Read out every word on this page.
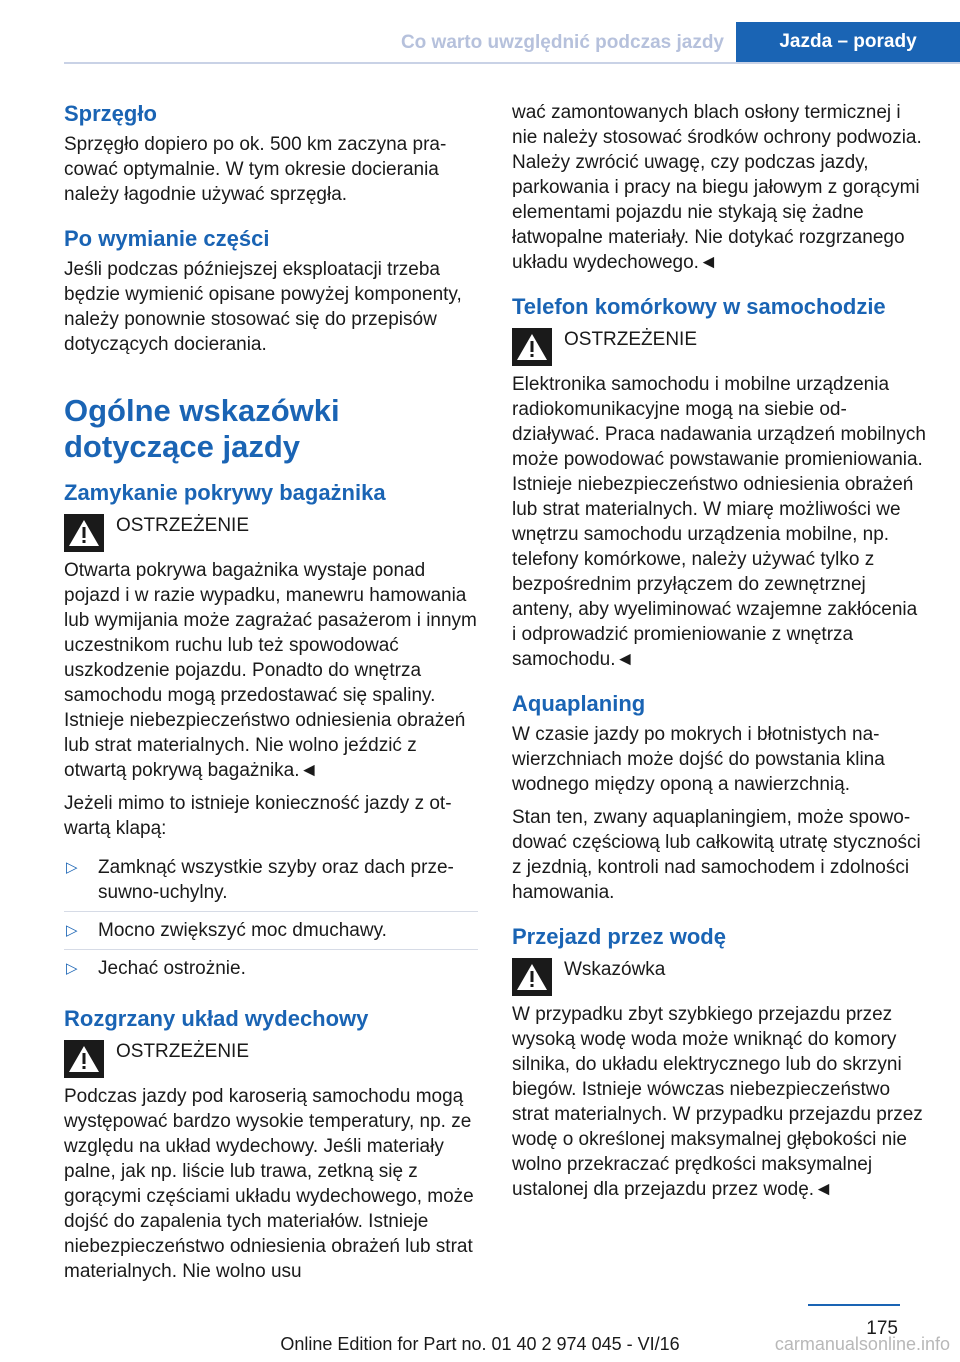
Co warto uwzględnić podczas jazdy	Jazda – porady
Sprzęgło

Sprzęgło dopiero po ok. 500 km zaczyna pracować optymalnie. W tym okresie docierania należy łagodnie używać sprzęgła.

Po wymianie części

Jeśli podczas późniejszej eksploatacji trzeba będzie wymienić opisane powyżej komponenty, należy ponownie stosować się do przepisów dotyczących docierania.

Ogólne wskazówki dotyczące jazdy
Zamykanie pokrywy bagażnika
OSTRZEŻENIE

Otwarta pokrywa bagażnika wystaje ponad pojazd i w razie wypadku, manewru hamowania lub wymijania może zagrażać pasażerom i innym uczestnikom ruchu lub też spowodować uszkodzenie pojazdu. Ponadto do wnętrza samochodu mogą przedostawać się spaliny. Istnieje niebezpieczeństwo odniesienia obrażeń lub strat materialnych. Nie wolno jeździć z otwartą pokrywą bagażnika.◄

Jeżeli mimo to istnieje konieczność jazdy z otwartą klapą:

▷ Zamknąć wszystkie szyby oraz dach przesuwno-uchylny.
▷ Mocno zwiększyć moc dmuchawy.
▷ Jechać ostrożnie.
Rozgrzany układ wydechowy
OSTRZEŻENIE

Podczas jazdy pod karoserią samochodu mogą występować bardzo wysokie temperatury, np. ze względu na układ wydechowy. Jeśli materiały palne, jak np. liście lub trawa, zetkną się z gorącymi częściami układu wydechowego, może dojść do zapalenia tych materiałów. Istnieje niebezpieczeństwo odniesienia obrażeń lub strat materialnych. Nie wolno usu

wać zamontowanych blach osłony termicznej i nie należy stosować środków ochrony podwozia. Należy zwrócić uwagę, czy podczas jazdy, parkowania i pracy na biegu jałowym z gorącymi elementami pojazdu nie stykają się żadne łatwopalne materiały. Nie dotykać rozgrzanego układu wydechowego.◄

Telefon komórkowy w samochodzie
OSTRZEŻENIE

Elektronika samochodu i mobilne urządzenia radiokomunikacyjne mogą na siebie oddziaływać. Praca nadawania urządzeń mobilnych może powodować powstawanie promieniowania. Istnieje niebezpieczeństwo odniesienia obrażeń lub strat materialnych. W miarę możliwości we wnętrzu samochodu urządzenia mobilne, np. telefony komórkowe, należy używać tylko z bezpośrednim przyłączem do zewnętrznej anteny, aby wyeliminować wzajemne zakłócenia i odprowadzić promieniowanie z wnętrza samochodu.◄

Aquaplaning

W czasie jazdy po mokrych i błotnistych nawierzchniach może dojść do powstania klina wodnego między oponą a nawierzchnią.

Stan ten, zwany aquaplaningiem, może spowodować częściową lub całkowitą utratę styczności z jezdnią, kontroli nad samochodem i zdolności hamowania.

Przejazd przez wodę
Wskazówka

W przypadku zbyt szybkiego przejazdu przez wysoką wodę woda może wniknąć do komory silnika, do układu elektrycznego lub do skrzyni biegów. Istnieje wówczas niebezpieczeństwo strat materialnych. W przypadku przejazdu przez wodę o określonej maksymalnej głębokości nie wolno przekraczać prędkości maksymalnej ustalonej dla przejazdu przez wodę.◄

175
Online Edition for Part no. 01 40 2 974 045 - VI/16	carmanualsonline.info
